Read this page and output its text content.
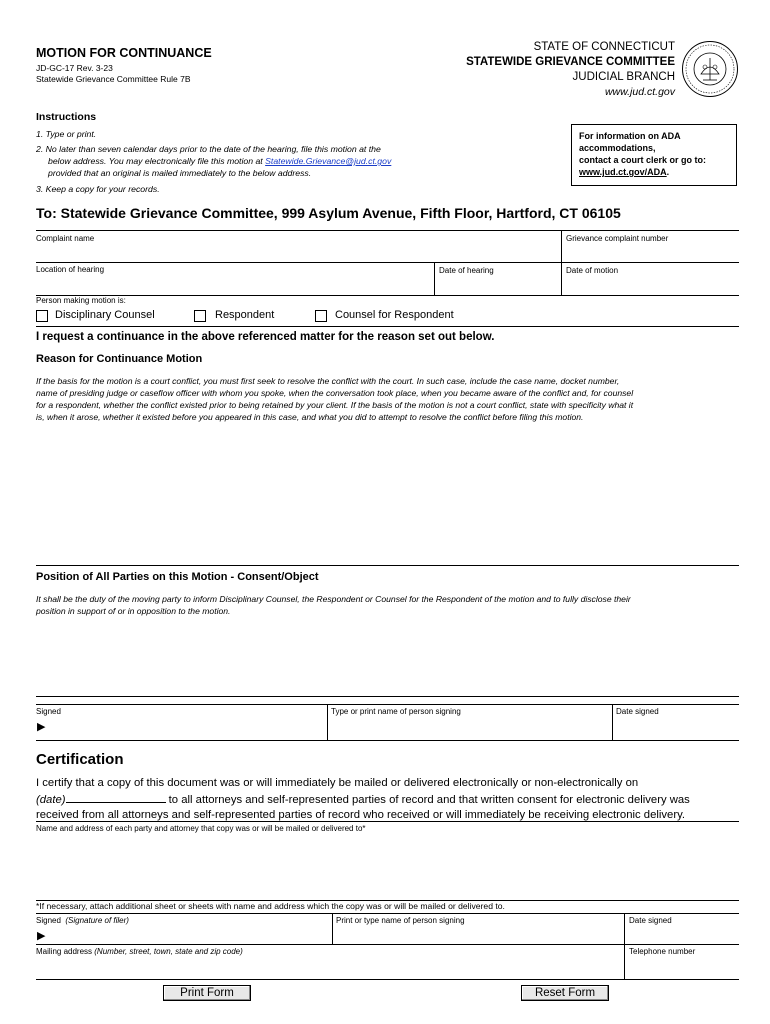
MOTION FOR CONTINUANCE
JD-GC-17 Rev. 3-23
Statewide Grievance Committee Rule 7B
STATE OF CONNECTICUT
STATEWIDE GRIEVANCE COMMITTEE
JUDICIAL BRANCH
www.jud.ct.gov
Instructions
1. Type or print.
2. No later than seven calendar days prior to the date of the hearing, file this motion at the
below address. You may electronically file this motion at Statewide.Grievance@jud.ct.gov
provided that an original is mailed immediately to the below address.
3. Keep a copy for your records.
For information on ADA
accommodations,
contact a court clerk or go to:
www.jud.ct.gov/ADA.
To: Statewide Grievance Committee, 999 Asylum Avenue, Fifth Floor, Hartford, CT 06105
Complaint name	Grievance complaint number
Location of hearing	Date of hearing	Date of motion
Person making motion is:
Disciplinary Counsel	Respondent	Counsel for Respondent
I request a continuance in the above referenced matter for the reason set out below.
Reason for Continuance Motion
If the basis for the motion is a court conflict, you must first seek to resolve the conflict with the court. In such case, include the case name, docket number,
name of presiding judge or caseflow officer with whom you spoke, when the conversation took place, when you became aware of the conflict and, for counsel
for a respondent, whether the conflict existed prior to being retained by your client. If the basis of the motion is not a court conflict, state with specificity what it
is, when it arose, whether it existed before you appeared in this case, and what you did to attempt to resolve the conflict before filing this motion.
Position of All Parties on this Motion - Consent/Object
It shall be the duty of the moving party to inform Disciplinary Counsel, the Respondent or Counsel for the Respondent of the motion and to fully disclose their
position in support of or in opposition to the motion.
Signed
▶
Type or print name of person signing	Date signed
Certification
I certify that a copy of this document was or will immediately be mailed or delivered electronically or non-electronically on
(date)	to all attorneys and self-represented parties of record and that written consent for electronic delivery was
received from all attorneys and self-represented parties of record who received or will immediately be receiving electronic delivery.
Name and address of each party and attorney that copy was or will be mailed or delivered to*
*If necessary, attach additional sheet or sheets with name and address which the copy was or will be mailed or delivered to.
Signed (Signature of filer)
▶
Print or type name of person signing	Date signed
Mailing address (Number, street, town, state and zip code)	Telephone number
Print Form	Reset Form
